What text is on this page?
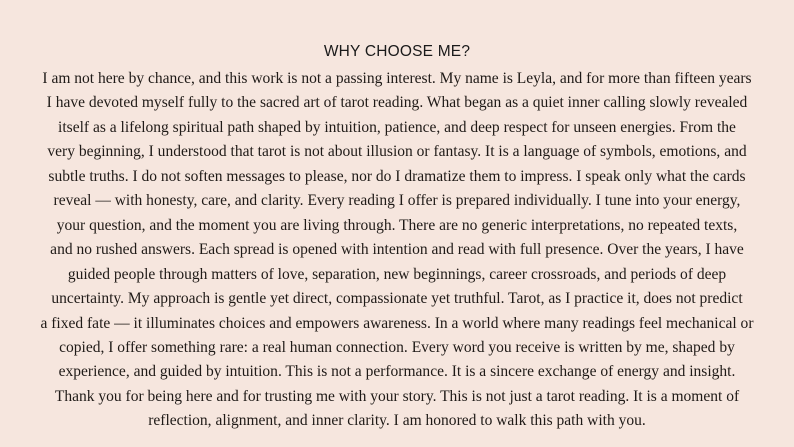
WHY CHOOSE ME?
I am not here by chance, and this work is not a passing interest. My name is Leyla, and for more than fifteen years
I have devoted myself fully to the sacred art of tarot reading. What began as a quiet inner calling slowly revealed
itself as a lifelong spiritual path shaped by intuition, patience, and deep respect for unseen energies. From the
very beginning, I understood that tarot is not about illusion or fantasy. It is a language of symbols, emotions, and
subtle truths. I do not soften messages to please, nor do I dramatize them to impress. I speak only what the cards
reveal — with honesty, care, and clarity. Every reading I offer is prepared individually. I tune into your energy,
your question, and the moment you are living through. There are no generic interpretations, no repeated texts,
and no rushed answers. Each spread is opened with intention and read with full presence. Over the years, I have
guided people through matters of love, separation, new beginnings, career crossroads, and periods of deep
uncertainty. My approach is gentle yet direct, compassionate yet truthful. Tarot, as I practice it, does not predict
a fixed fate — it illuminates choices and empowers awareness. In a world where many readings feel mechanical or
copied, I offer something rare: a real human connection. Every word you receive is written by me, shaped by
experience, and guided by intuition. This is not a performance. It is a sincere exchange of energy and insight.
Thank you for being here and for trusting me with your story. This is not just a tarot reading. It is a moment of
reflection, alignment, and inner clarity. I am honored to walk this path with you.
